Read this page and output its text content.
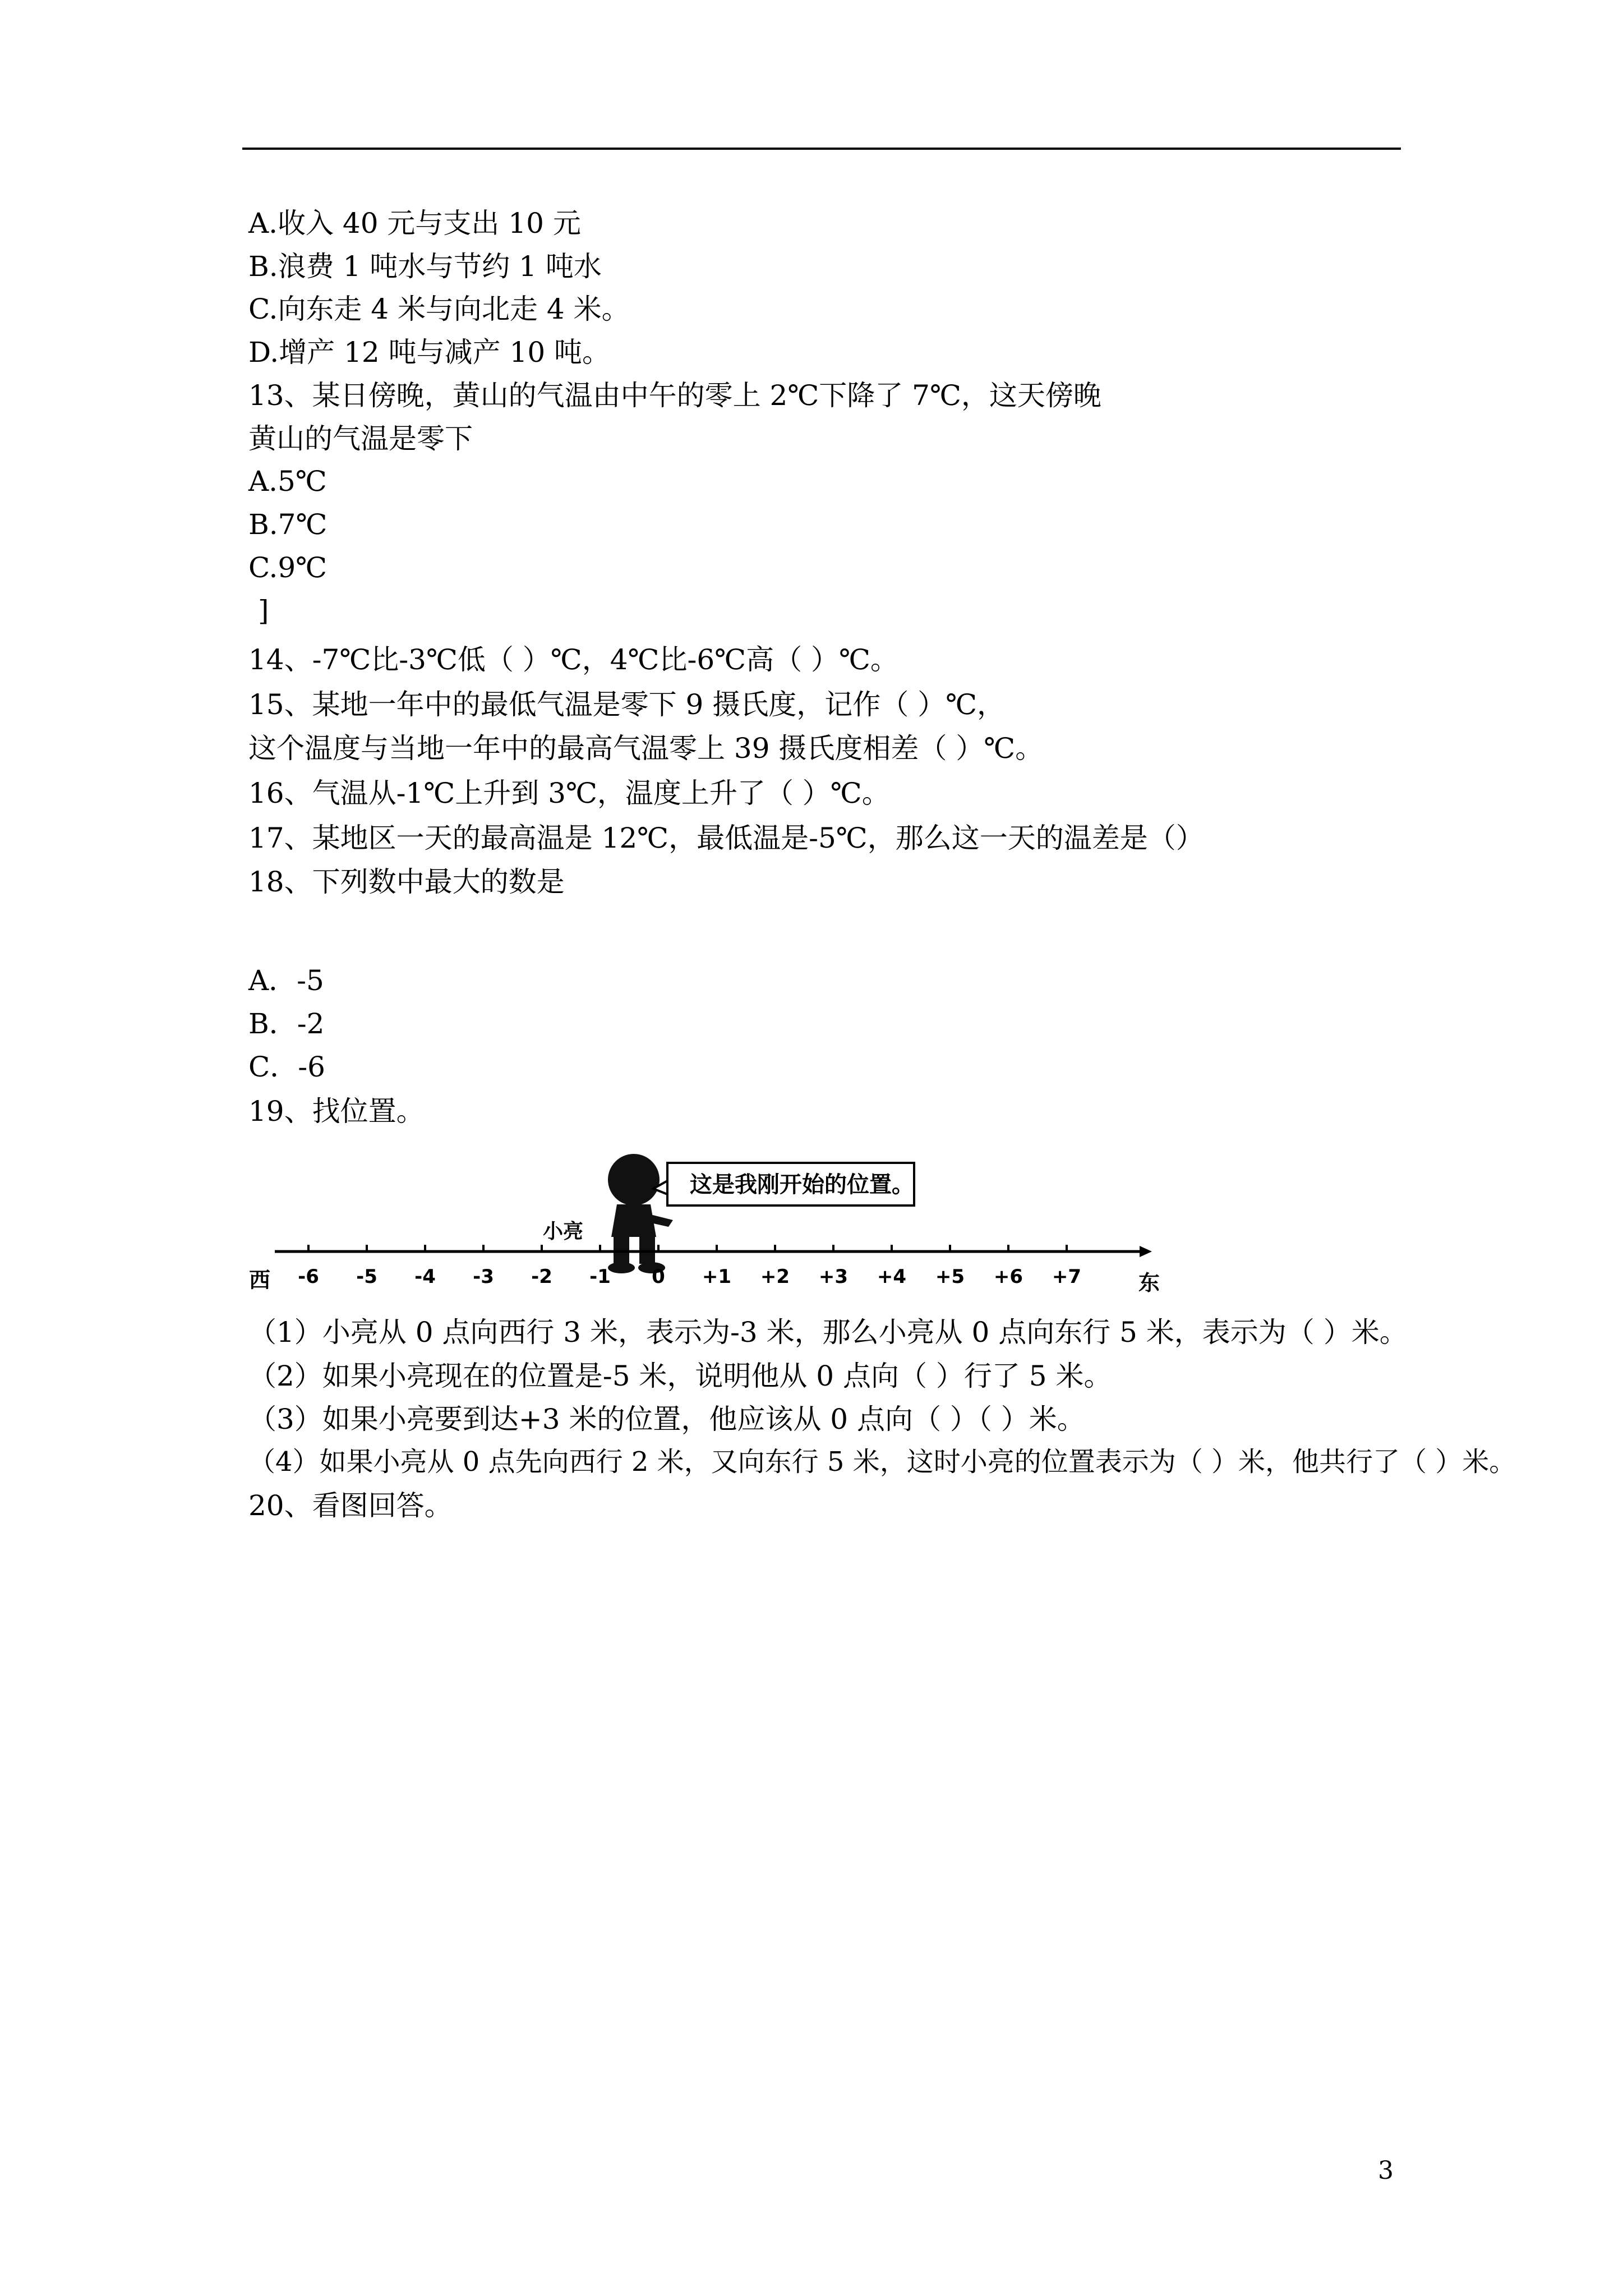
A.收入 40 元与支出 10 元
B.浪费 1 吨水与节约 1 吨水
C.向东走 4 米与向北走 4 米。
D.增产 12 吨与减产 10 吨。
13、某日傍晚，黄山的气温由中午的零上 2℃下降了 7℃，这天傍晚
黄山的气温是零下
A.5℃
B.7℃
C.9℃
]
14、-7℃比-3℃低（ ）℃，4℃比-6℃高（ ）℃。
15、某地一年中的最低气温是零下 9 摄氏度，记作（ ）℃，
这个温度与当地一年中的最高气温零上 39 摄氏度相差（ ）℃。
16、气温从-1℃上升到 3℃，温度上升了（ ）℃。
17、某地区一天的最高温是 12℃，最低温是-5℃，那么这一天的温差是（）
18、下列数中最大的数是
A．-5
B．-2
C．-6
19、找位置。
这是我刚开始的位置。
小亮
-6 -5 -4 -3 -2 -1 0 +1 +2 +3 +4 +5 +6 +7
西	东
（1）小亮从 0 点向西行 3 米，表示为-3 米，那么小亮从 0 点向东行 5 米，表示为（ ）米。
（2）如果小亮现在的位置是-5 米，说明他从 0 点向（ ）行了 5 米。
（3）如果小亮要到达+3 米的位置，他应该从 0 点向（ ）（ ）米。
（4）如果小亮从 0 点先向西行 2 米，又向东行 5 米，这时小亮的位置表示为（ ）米，他共行了（ ）米。
20、看图回答。
3
